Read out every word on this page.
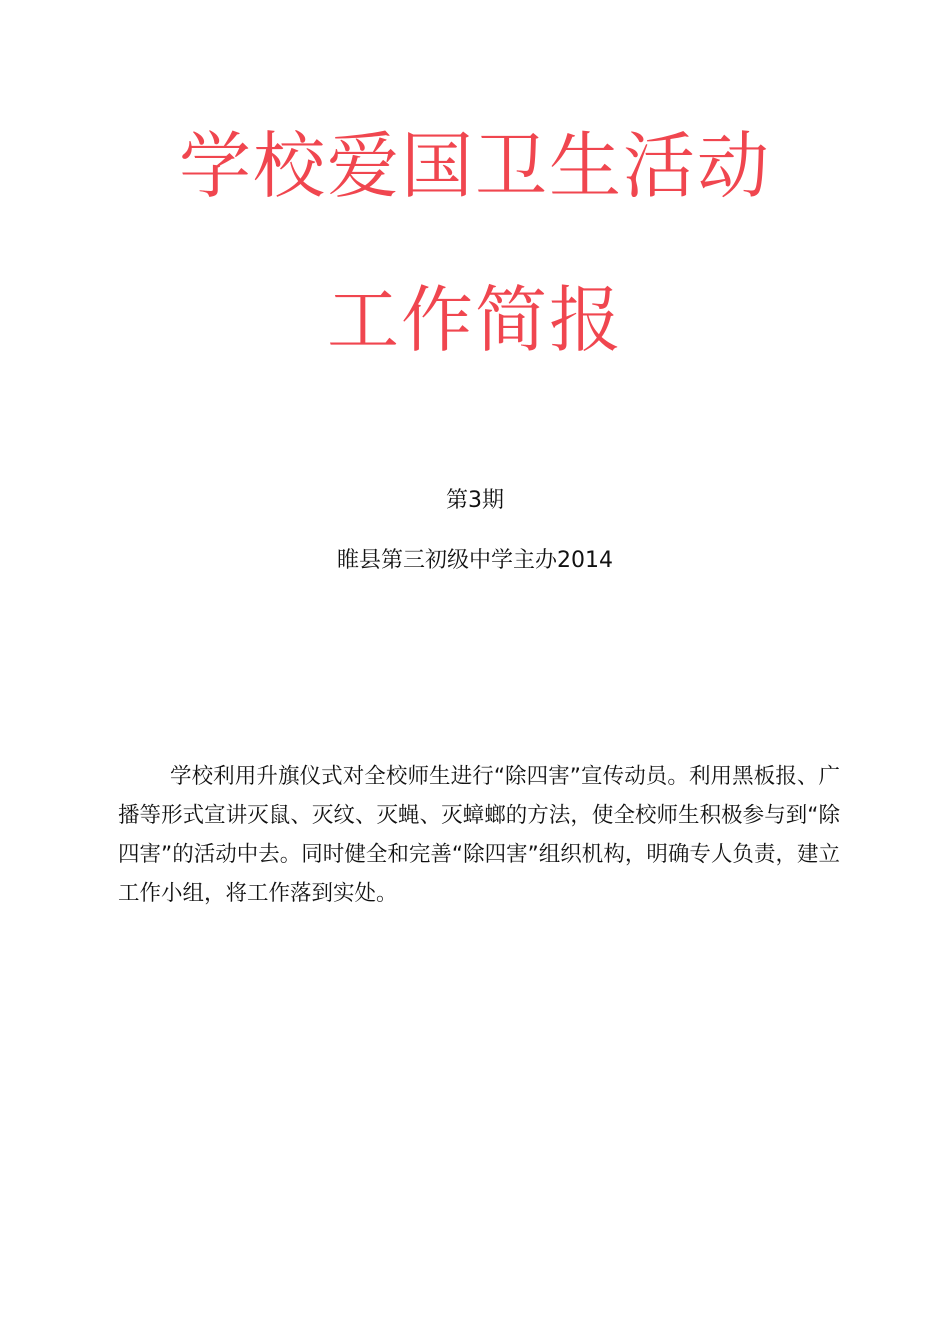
学校爱国卫生活动
工作简报
第3期
睢县第三初级中学主办2014

学校利用升旗仪式对全校师生进行“除四害”宣传动员。利用黑板报、广播等形式宣讲灭鼠、灭纹、灭蝇、灭蟑螂的方法，使全校师生积极参与到“除四害”的活动中去。同时健全和完善“除四害”组织机构，明确专人负责，建立工作小组，将工作落到实处。
